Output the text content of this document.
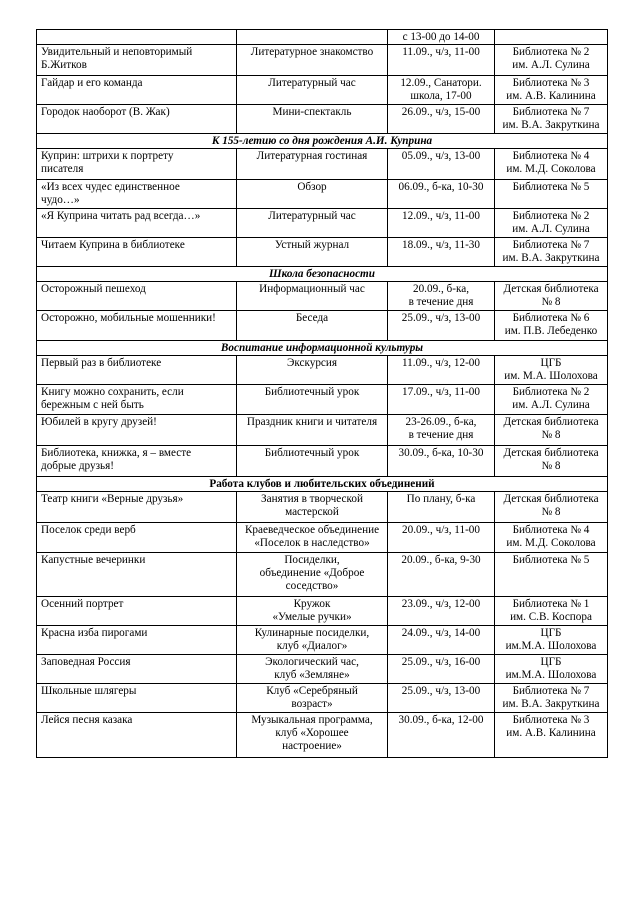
		с 13-00 до 14-00	

Увидительный и неповторимый
Б.Житков	Литературное знакомство	11.09., ч/з, 11-00	Библиотека № 2
им. А.Л. Сулина

Гайдар и его команда	Литературный час	12.09., Санатори.
школа, 17-00	Библиотека № 3
им. А.В. Калинина

Городок наоборот (В. Жак)	Мини-спектакль	26.09., ч/з, 15-00	Библиотека № 7
им. В.А. Закруткина

К 155-летию со дня рождения А.И. Куприна			

Куприн: штрихи к портрету
писателя	Литературная гостиная	05.09., ч/з, 13-00	Библиотека № 4
им. М.Д. Соколова

«Из всех чудес единственное
чудо…»	Обзор	06.09., б-ка, 10-30	Библиотека № 5

«Я Куприна читать рад всегда…»	Литературный час	12.09., ч/з, 11-00	Библиотека № 2
им. А.Л. Сулина

Читаем Куприна в библиотеке	Устный журнал	18.09., ч/з, 11-30	Библиотека № 7
им. В.А. Закруткина

Школа безопасности			

Осторожный пешеход	Информационный час	20.09., б-ка,
в течение дня	Детская библиотека
№ 8

Осторожно, мобильные мошенники!	Беседа	25.09., ч/з, 13-00	Библиотека № 6
им. П.В. Лебеденко

Воспитание информационной культуры			

Первый раз в библиотеке	Экскурсия	11.09., ч/з, 12-00	ЦГБ
им. М.А. Шолохова

Книгу можно сохранить, если
бережным с ней быть	Библиотечный урок	17.09., ч/з, 11-00	Библиотека № 2
им. А.Л. Сулина

Юбилей в кругу друзей!	Праздник книги и читателя	23-26.09., б-ка,
в течение дня	Детская библиотека
№ 8

Библиотека, книжка, я – вместе
добрые друзья!	Библиотечный урок	30.09., б-ка, 10-30	Детская библиотека
№ 8

Работа клубов и любительских объединений			

Театр книги «Верные друзья»	Занятия в творческой
мастерской	По плану, б-ка	Детская библиотека
№ 8

Поселок среди верб	Краеведческое объединение
«Поселок в наследство»	20.09., ч/з, 11-00	Библиотека № 4
им. М.Д. Соколова

Капустные вечеринки	Посиделки,
объединение «Доброе
соседство»	20.09., б-ка, 9-30	Библиотека № 5

Осенний портрет	Кружок
«Умелые ручки»	23.09., ч/з, 12-00	Библиотека № 1
им. С.В. Коспора

Красна изба пирогами	Кулинарные посиделки,
клуб «Диалог»	24.09., ч/з, 14-00	ЦГБ
им.М.А. Шолохова

Заповедная Россия	Экологический час,
клуб «Земляне»	25.09., ч/з, 16-00	ЦГБ
им.М.А. Шолохова

Школьные шлягеры	Клуб «Серебряный
возраст»	25.09., ч/з, 13-00	Библиотека № 7
им. В.А. Закруткина

Лейся песня казака	Музыкальная программа,
клуб «Хорошее
настроение»	30.09., б-ка, 12-00	Библиотека № 3
им. А.В. Калинина
